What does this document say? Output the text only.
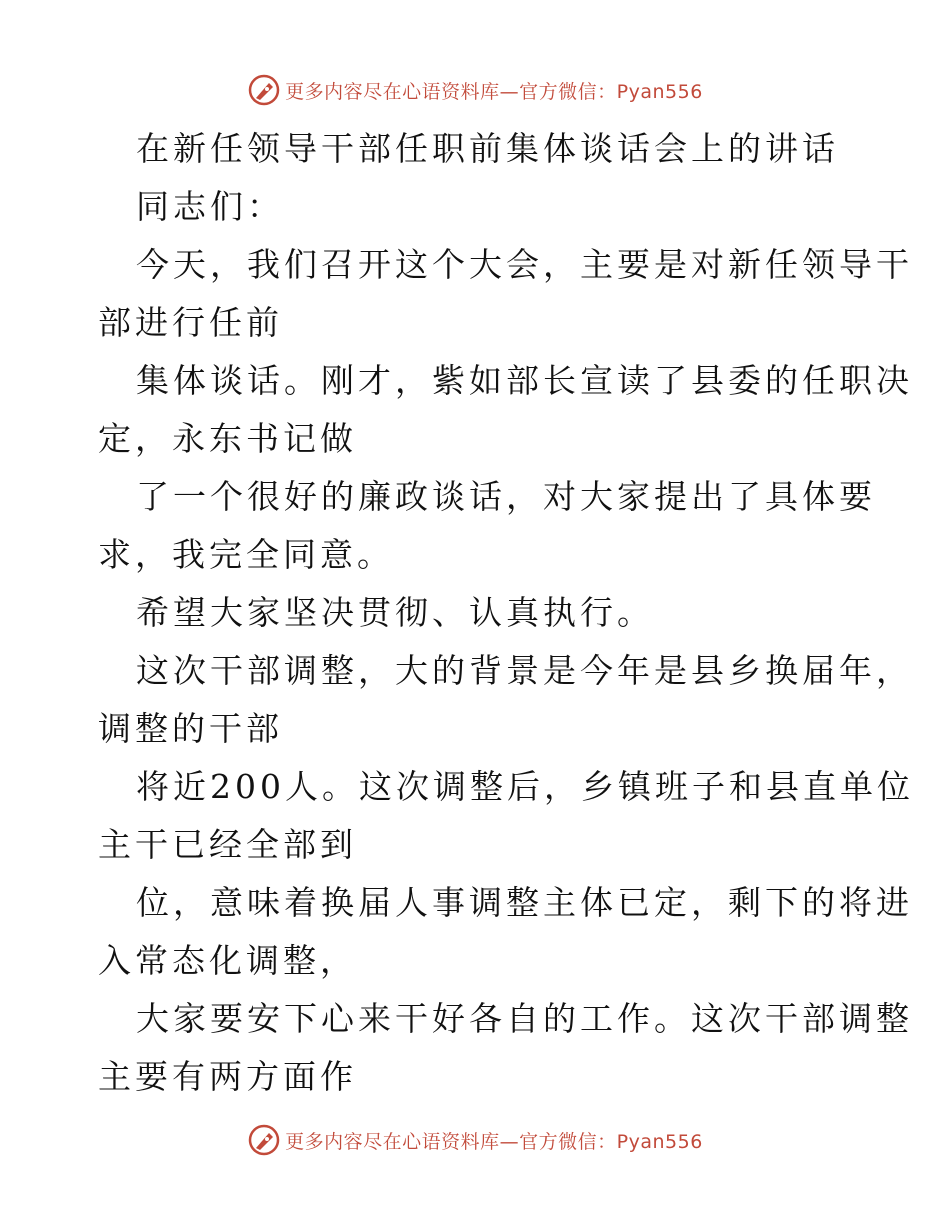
更多内容尽在心语资料库—官方微信：Pyan556
在新任领导干部任职前集体谈话会上的讲话
同志们：
今天，我们召开这个大会，主要是对新任领导干
部进行任前
集体谈话。刚才，紫如部长宣读了县委的任职决
定，永东书记做
了一个很好的廉政谈话，对大家提出了具体要
求，我完全同意。
希望大家坚决贯彻、认真执行。
这次干部调整，大的背景是今年是县乡换届年，
调整的干部
将近200人。这次调整后，乡镇班子和县直单位
主干已经全部到
位，意味着换届人事调整主体已定，剩下的将进
入常态化调整，
大家要安下心来干好各自的工作。这次干部调整
主要有两方面作
更多内容尽在心语资料库—官方微信：Pyan556
